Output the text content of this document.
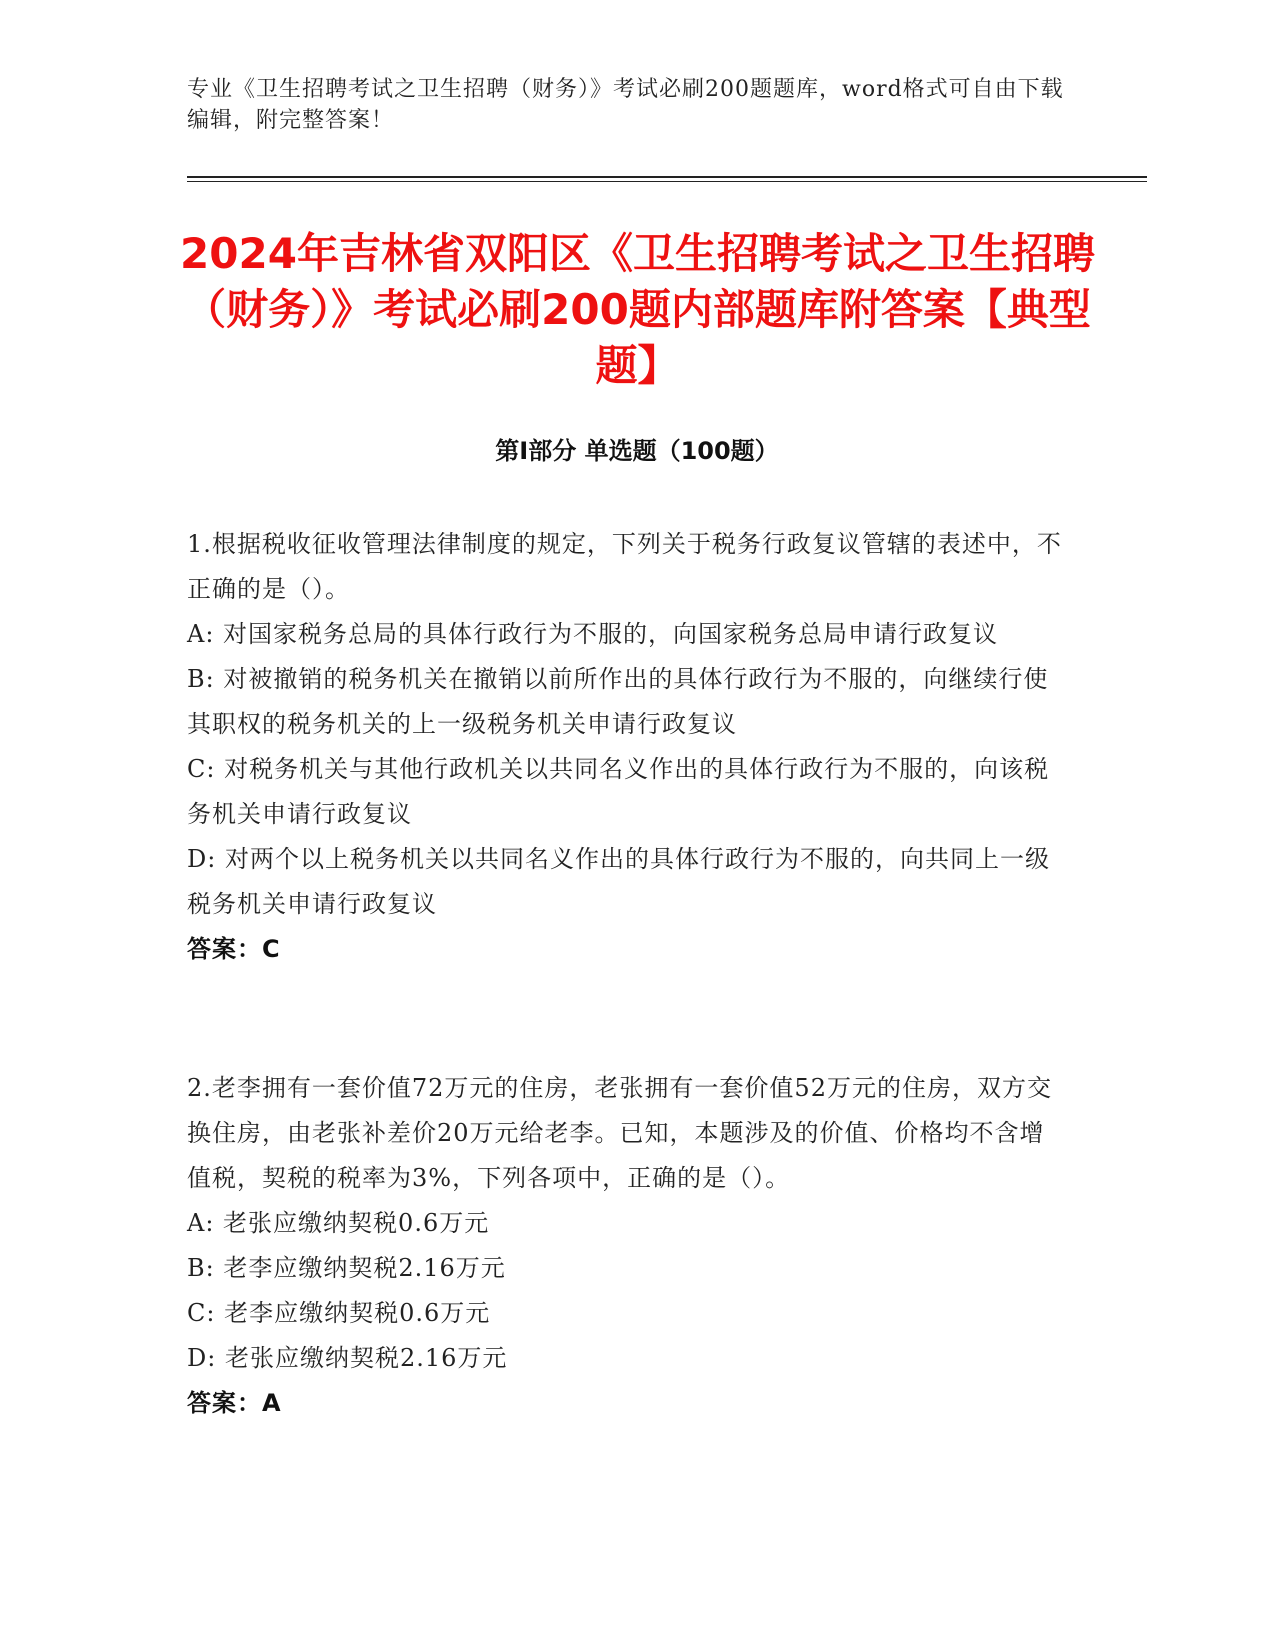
专业《卫生招聘考试之卫生招聘（财务）》考试必刷200题题库，word格式可自由下载编辑，附完整答案！
2024年吉林省双阳区《卫生招聘考试之卫生招聘（财务）》考试必刷200题内部题库附答案【典型题】
第I部分 单选题（100题）

1.根据税收征收管理法律制度的规定，下列关于税务行政复议管辖的表述中，不正确的是（）。

A: 对国家税务总局的具体行政行为不服的，向国家税务总局申请行政复议

B: 对被撤销的税务机关在撤销以前所作出的具体行政行为不服的，向继续行使其职权的税务机关的上一级税务机关申请行政复议

C: 对税务机关与其他行政机关以共同名义作出的具体行政行为不服的，向该税务机关申请行政复议

D: 对两个以上税务机关以共同名义作出的具体行政行为不服的，向共同上一级税务机关申请行政复议

答案：C

2.老李拥有一套价值72万元的住房，老张拥有一套价值52万元的住房，双方交换住房，由老张补差价20万元给老李。已知，本题涉及的价值、价格均不含增值税，契税的税率为3%，下列各项中，正确的是（）。

A: 老张应缴纳契税0.6万元

B: 老李应缴纳契税2.16万元

C: 老李应缴纳契税0.6万元

D: 老张应缴纳契税2.16万元

答案：A
